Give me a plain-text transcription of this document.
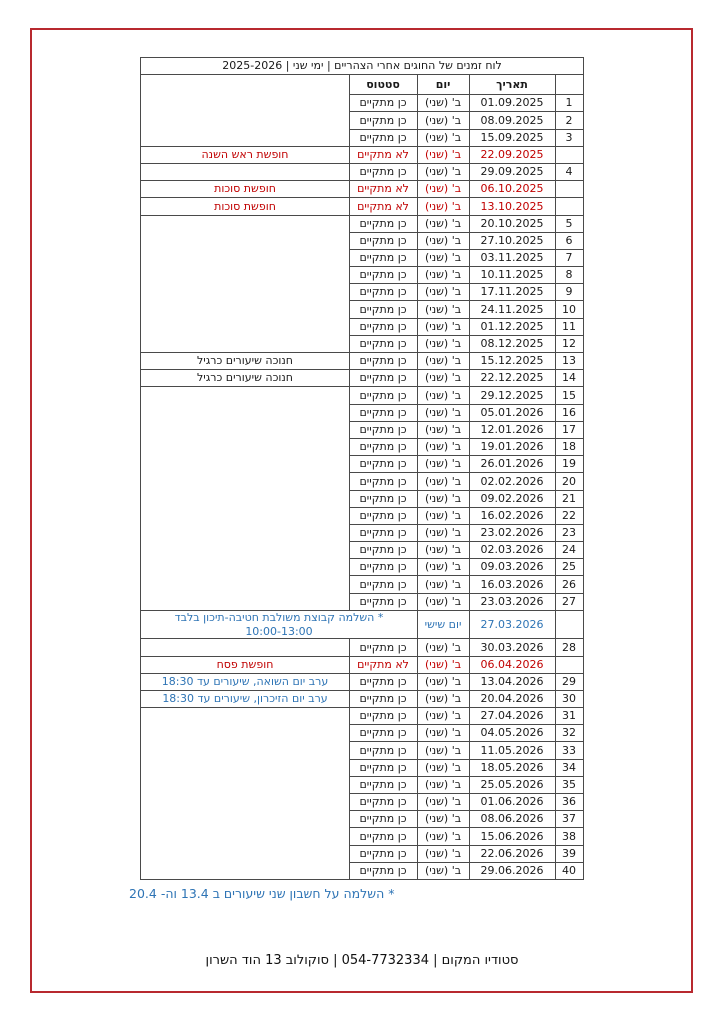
לוח זמנים של החוגים אחרי הצהריים | ימי שני | 2025-2026				
	תאריך	יום	סטטוס	
1	01.09.2025	ב' (שני)	כן מתקיים	
2	08.09.2025	ב' (שני)	כן מתקיים	
3	15.09.2025	ב' (שני)	כן מתקיים	
	22.09.2025	ב' (שני)	לא מתקיים	חופשת ראש השנה
4	29.09.2025	ב' (שני)	כן מתקיים	
	06.10.2025	ב' (שני)	לא מתקיים	חופשת סוכות
	13.10.2025	ב' (שני)	לא מתקיים	חופשת סוכות
5	20.10.2025	ב' (שני)	כן מתקיים	
6	27.10.2025	ב' (שני)	כן מתקיים	
7	03.11.2025	ב' (שני)	כן מתקיים	
8	10.11.2025	ב' (שני)	כן מתקיים	
9	17.11.2025	ב' (שני)	כן מתקיים	
10	24.11.2025	ב' (שני)	כן מתקיים	
11	01.12.2025	ב' (שני)	כן מתקיים	
12	08.12.2025	ב' (שני)	כן מתקיים	
13	15.12.2025	ב' (שני)	כן מתקיים	חנוכה שיעורים כרגיל
14	22.12.2025	ב' (שני)	כן מתקיים	חנוכה שיעורים כרגיל
15	29.12.2025	ב' (שני)	כן מתקיים	
16	05.01.2026	ב' (שני)	כן מתקיים	
17	12.01.2026	ב' (שני)	כן מתקיים	
18	19.01.2026	ב' (שני)	כן מתקיים	
19	26.01.2026	ב' (שני)	כן מתקיים	
20	02.02.2026	ב' (שני)	כן מתקיים	
21	09.02.2026	ב' (שני)	כן מתקיים	
22	16.02.2026	ב' (שני)	כן מתקיים	
23	23.02.2026	ב' (שני)	כן מתקיים	
24	02.03.2026	ב' (שני)	כן מתקיים	
25	09.03.2026	ב' (שני)	כן מתקיים	
26	16.03.2026	ב' (שני)	כן מתקיים	
27	23.03.2026	ב' (שני)	כן מתקיים	
	27.03.2026	יום שישי	* השלמה קבוצת משולבת חטיבה-תיכון בלבד
10:00-13:00	

28	30.03.2026	ב' (שני)	כן מתקיים	
	06.04.2026	ב' (שני)	לא מתקיים	חופשת פסח
29	13.04.2026	ב' (שני)	כן מתקיים	ערב יום השואה, שיעורים עד 18:30
30	20.04.2026	ב' (שני)	כן מתקיים	ערב יום הזיכרון, שיעורים עד 18:30
31	27.04.2026	ב' (שני)	כן מתקיים	
32	04.05.2026	ב' (שני)	כן מתקיים	
33	11.05.2026	ב' (שני)	כן מתקיים	
34	18.05.2026	ב' (שני)	כן מתקיים	
35	25.05.2026	ב' (שני)	כן מתקיים	
36	01.06.2026	ב' (שני)	כן מתקיים	
37	08.06.2026	ב' (שני)	כן מתקיים	
38	15.06.2026	ב' (שני)	כן מתקיים	
39	22.06.2026	ב' (שני)	כן מתקיים	
40	29.06.2026	ב' (שני)	כן מתקיים	
* השלמה על חשבון שני שיעורים ב 13.4 וה- 20.4
סטודיו המקום | 054-7732334 | סוקולוב 13 הוד השרון
